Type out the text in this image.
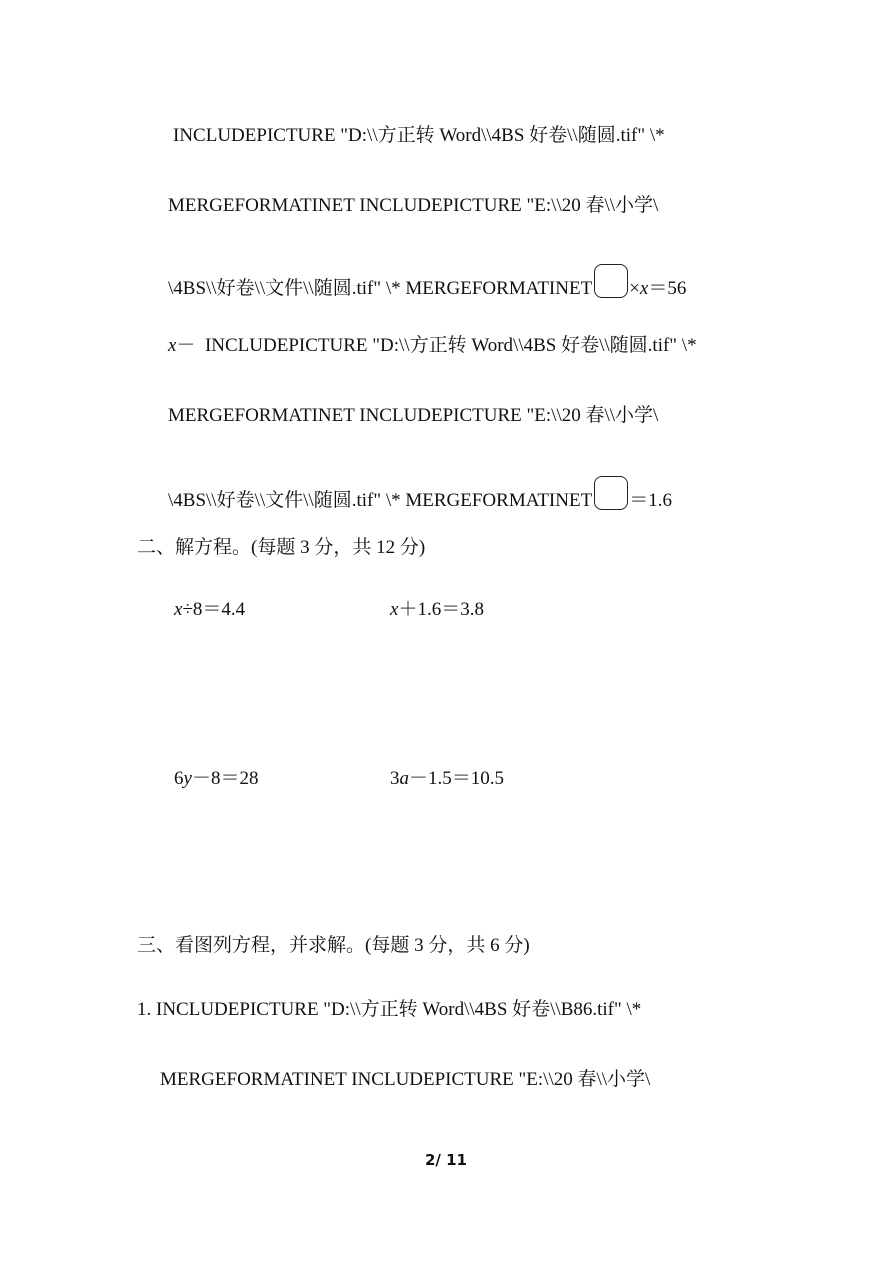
INCLUDEPICTURE "D:\\方正转 Word\\4BS 好卷\\随圆.tif" \*
MERGEFORMATINET INCLUDEPICTURE "E:\\20 春\\小学\
\4BS\\好卷\\文件\\随圆.tif" \* MERGEFORMATINET ×x＝56
x－ INCLUDEPICTURE "D:\\方正转 Word\\4BS 好卷\\随圆.tif" \*
MERGEFORMATINET INCLUDEPICTURE "E:\\20 春\\小学\
\4BS\\好卷\\文件\\随圆.tif" \* MERGEFORMATINET ＝1.6
二、解方程。(每题 3 分，共 12 分)
x÷8＝4.4	x＋1.6＝3.8
6y－8＝28	3a－1.5＝10.5
三、看图列方程，并求解。(每题 3 分，共 6 分)
1. INCLUDEPICTURE "D:\\方正转 Word\\4BS 好卷\\B86.tif" \*
MERGEFORMATINET INCLUDEPICTURE "E:\\20 春\\小学\
2/ 11
